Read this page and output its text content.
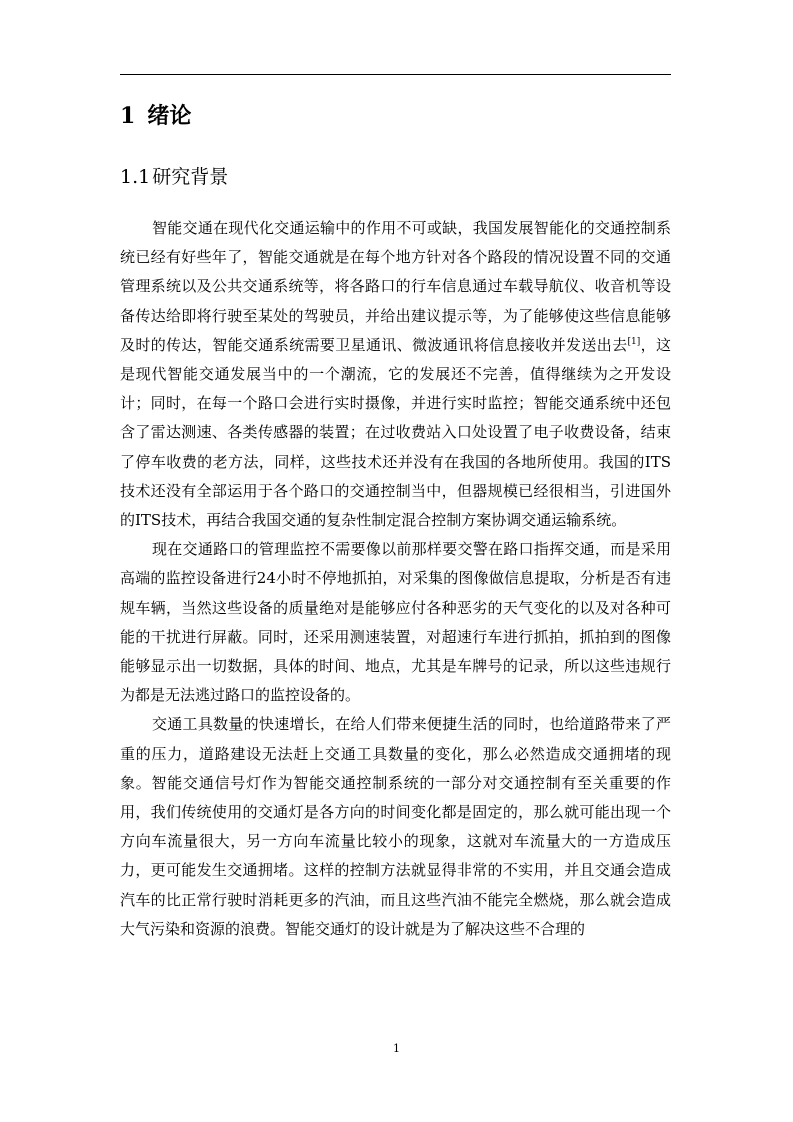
1 绪论
1.1 研究背景

智能交通在现代化交通运输中的作用不可或缺，我国发展智能化的交通控制系统已经有好些年了，智能交通就是在每个地方针对各个路段的情况设置不同的交通管理系统以及公共交通系统等，将各路口的行车信息通过车载导航仪、收音机等设备传达给即将行驶至某处的驾驶员，并给出建议提示等，为了能够使这些信息能够及时的传达，智能交通系统需要卫星通讯、微波通讯将信息接收并发送出去[1]，这是现代智能交通发展当中的一个潮流，它的发展还不完善，值得继续为之开发设计；同时，在每一个路口会进行实时摄像，并进行实时监控；智能交通系统中还包含了雷达测速、各类传感器的装置；在过收费站入口处设置了电子收费设备，结束了停车收费的老方法，同样，这些技术还并没有在我国的各地所使用。我国的ITS技术还没有全部运用于各个路口的交通控制当中，但器规模已经很相当，引进国外的ITS技术，再结合我国交通的复杂性制定混合控制方案协调交通运输系统。

现在交通路口的管理监控不需要像以前那样要交警在路口指挥交通，而是采用高端的监控设备进行24小时不停地抓拍，对采集的图像做信息提取，分析是否有违规车辆，当然这些设备的质量绝对是能够应付各种恶劣的天气变化的以及对各种可能的干扰进行屏蔽。同时，还采用测速装置，对超速行车进行抓拍，抓拍到的图像能够显示出一切数据，具体的时间、地点，尤其是车牌号的记录，所以这些违规行为都是无法逃过路口的监控设备的。

交通工具数量的快速增长，在给人们带来便捷生活的同时，也给道路带来了严重的压力，道路建设无法赶上交通工具数量的变化，那么必然造成交通拥堵的现象。智能交通信号灯作为智能交通控制系统的一部分对交通控制有至关重要的作用，我们传统使用的交通灯是各方向的时间变化都是固定的，那么就可能出现一个方向车流量很大，另一方向车流量比较小的现象，这就对车流量大的一方造成压力，更可能发生交通拥堵。这样的控制方法就显得非常的不实用，并且交通会造成汽车的比正常行驶时消耗更多的汽油，而且这些汽油不能完全燃烧，那么就会造成大气污染和资源的浪费。智能交通灯的设计就是为了解决这些不合理的

1
